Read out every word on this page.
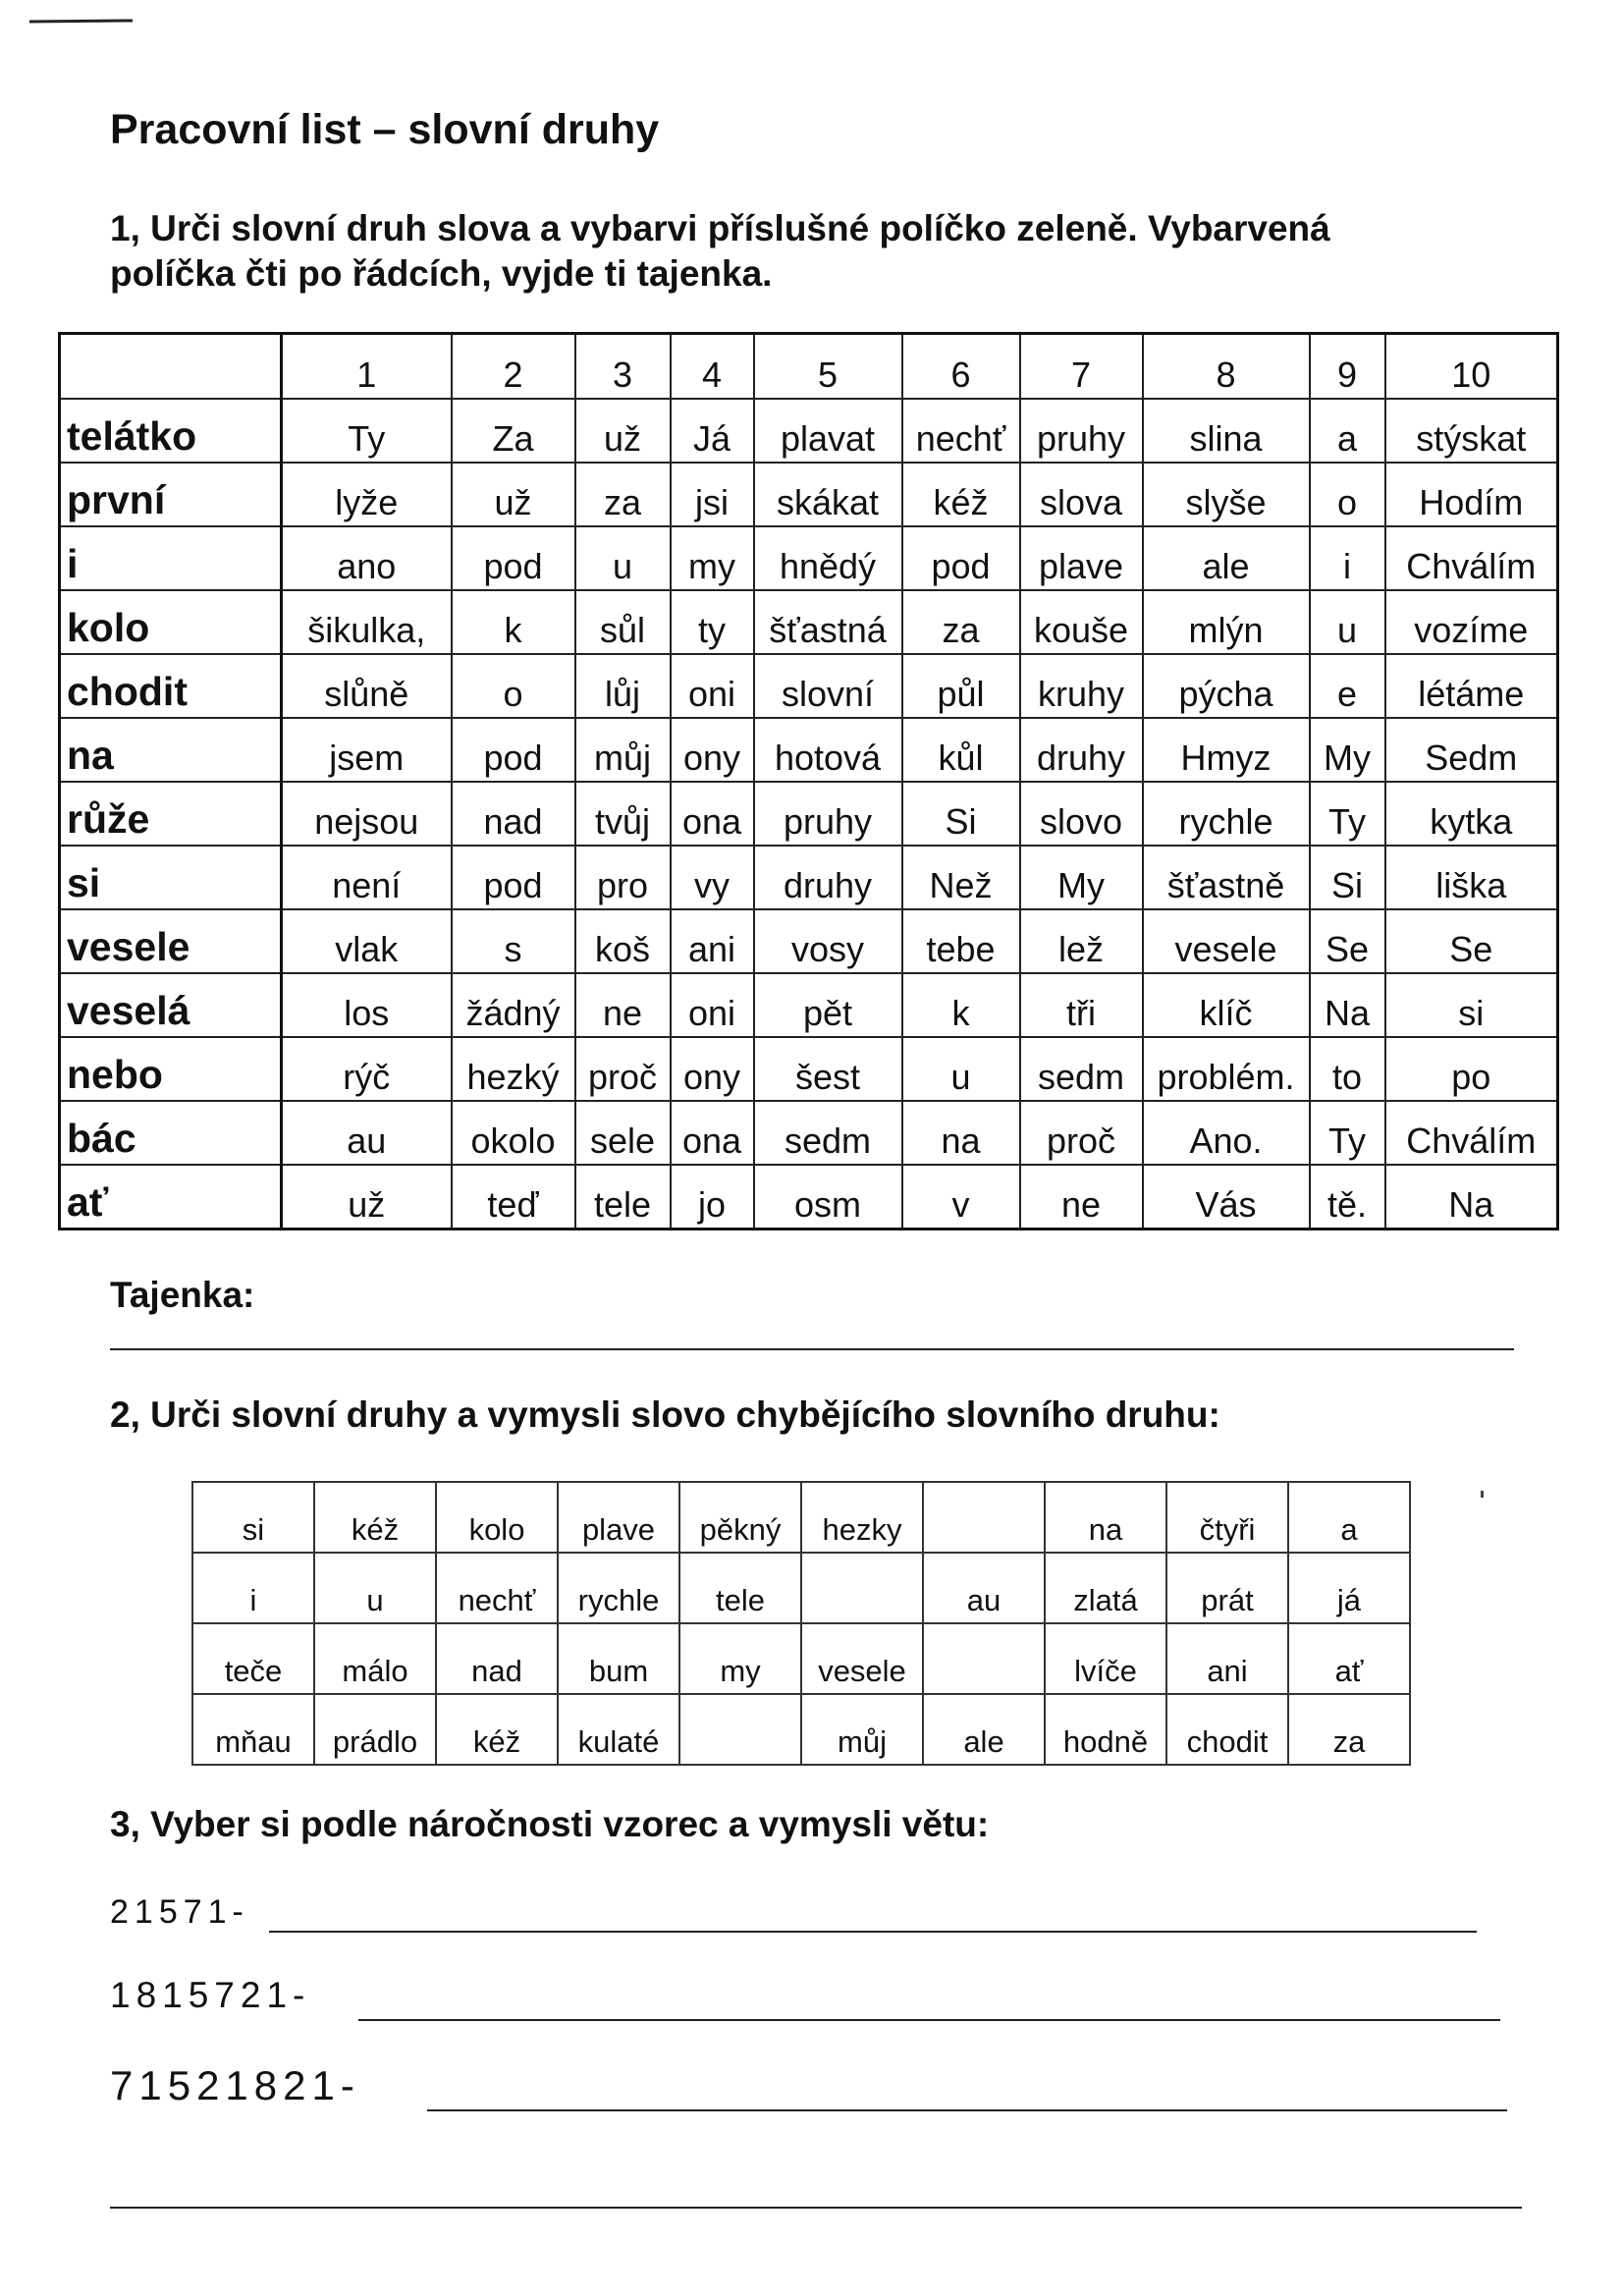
Pracovní list – slovní druhy
1, Urči slovní druh slova a vybarvi příslušné políčko zeleně. Vybarvená
políčka čti po řádcích, vyjde ti tajenka.
	1	2	3	4	5	6	7	8	9	10
telátko	Ty	Za	už	Já	plavat	nechť	pruhy	slina	a	stýskat
první	lyže	už	za	jsi	skákat	kéž	slova	slyše	o	Hodím
i	ano	pod	u	my	hnědý	pod	plave	ale	i	Chválím
kolo	šikulka,	k	sůl	ty	šťastná	za	kouše	mlýn	u	vozíme
chodit	slůně	o	lůj	oni	slovní	půl	kruhy	pýcha	e	létáme
na	jsem	pod	můj	ony	hotová	kůl	druhy	Hmyz	My	Sedm
růže	nejsou	nad	tvůj	ona	pruhy	Si	slovo	rychle	Ty	kytka
si	není	pod	pro	vy	druhy	Než	My	šťastně	Si	liška
vesele	vlak	s	koš	ani	vosy	tebe	lež	vesele	Se	Se
veselá	los	žádný	ne	oni	pět	k	tři	klíč	Na	si
nebo	rýč	hezký	proč	ony	šest	u	sedm	problém.	to	po
bác	au	okolo	sele	ona	sedm	na	proč	Ano.	Ty	Chválím
ať	už	teď	tele	jo	osm	v	ne	Vás	tě.	Na
Tajenka:
2, Urči slovní druhy a vymysli slovo chybějícího slovního druhu:
si	kéž	kolo	plave	pěkný	hezky		na	čtyři	a
i	u	nechť	rychle	tele		au	zlatá	prát	já
teče	málo	nad	bum	my	vesele		lvíče	ani	ať
mňau	prádlo	kéž	kulaté		můj	ale	hodně	chodit	za
3, Vyber si podle náročnosti vzorec a vymysli větu:
21571-
1815721-
71521821-
